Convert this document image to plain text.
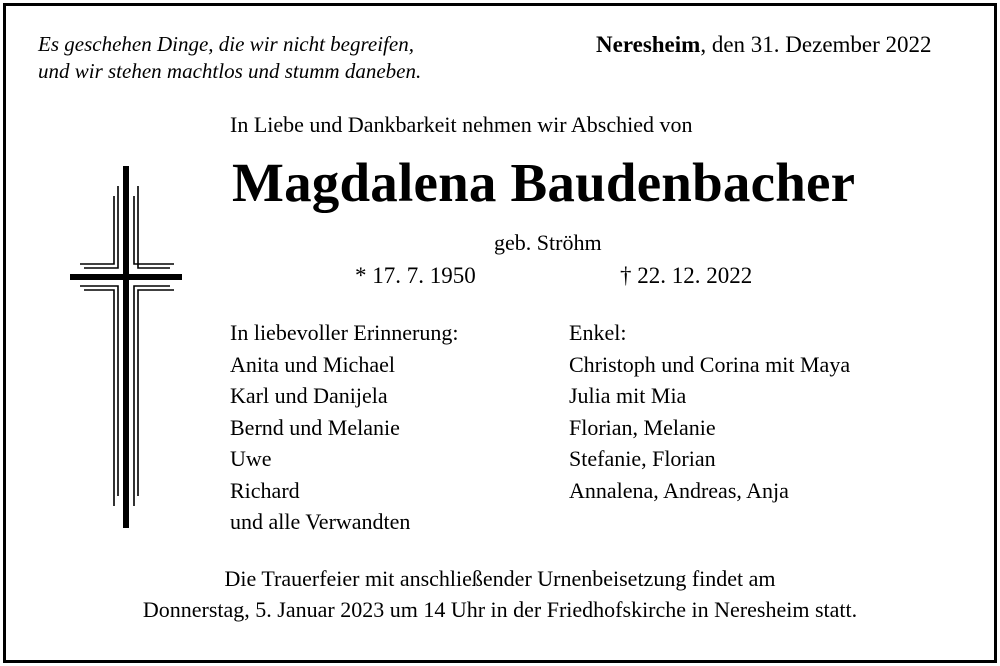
Es geschehen Dinge, die wir nicht begreifen,
und wir stehen machtlos und stumm daneben.
Neresheim, den 31. Dezember 2022
In Liebe und Dankbarkeit nehmen wir Abschied von
Magdalena Baudenbacher
geb. Ströhm
* 17. 7. 1950	† 22. 12. 2022
In liebevoller Erinnerung:
Anita und Michael
Karl und Danijela
Bernd und Melanie
Uwe
Richard
und alle Verwandten
Enkel:
Christoph und Corina mit Maya
Julia mit Mia
Florian, Melanie
Stefanie, Florian
Annalena, Andreas, Anja
Die Trauerfeier mit anschließender Urnenbeisetzung findet am
Donnerstag, 5. Januar 2023 um 14 Uhr in der Friedhofskirche in Neresheim statt.
